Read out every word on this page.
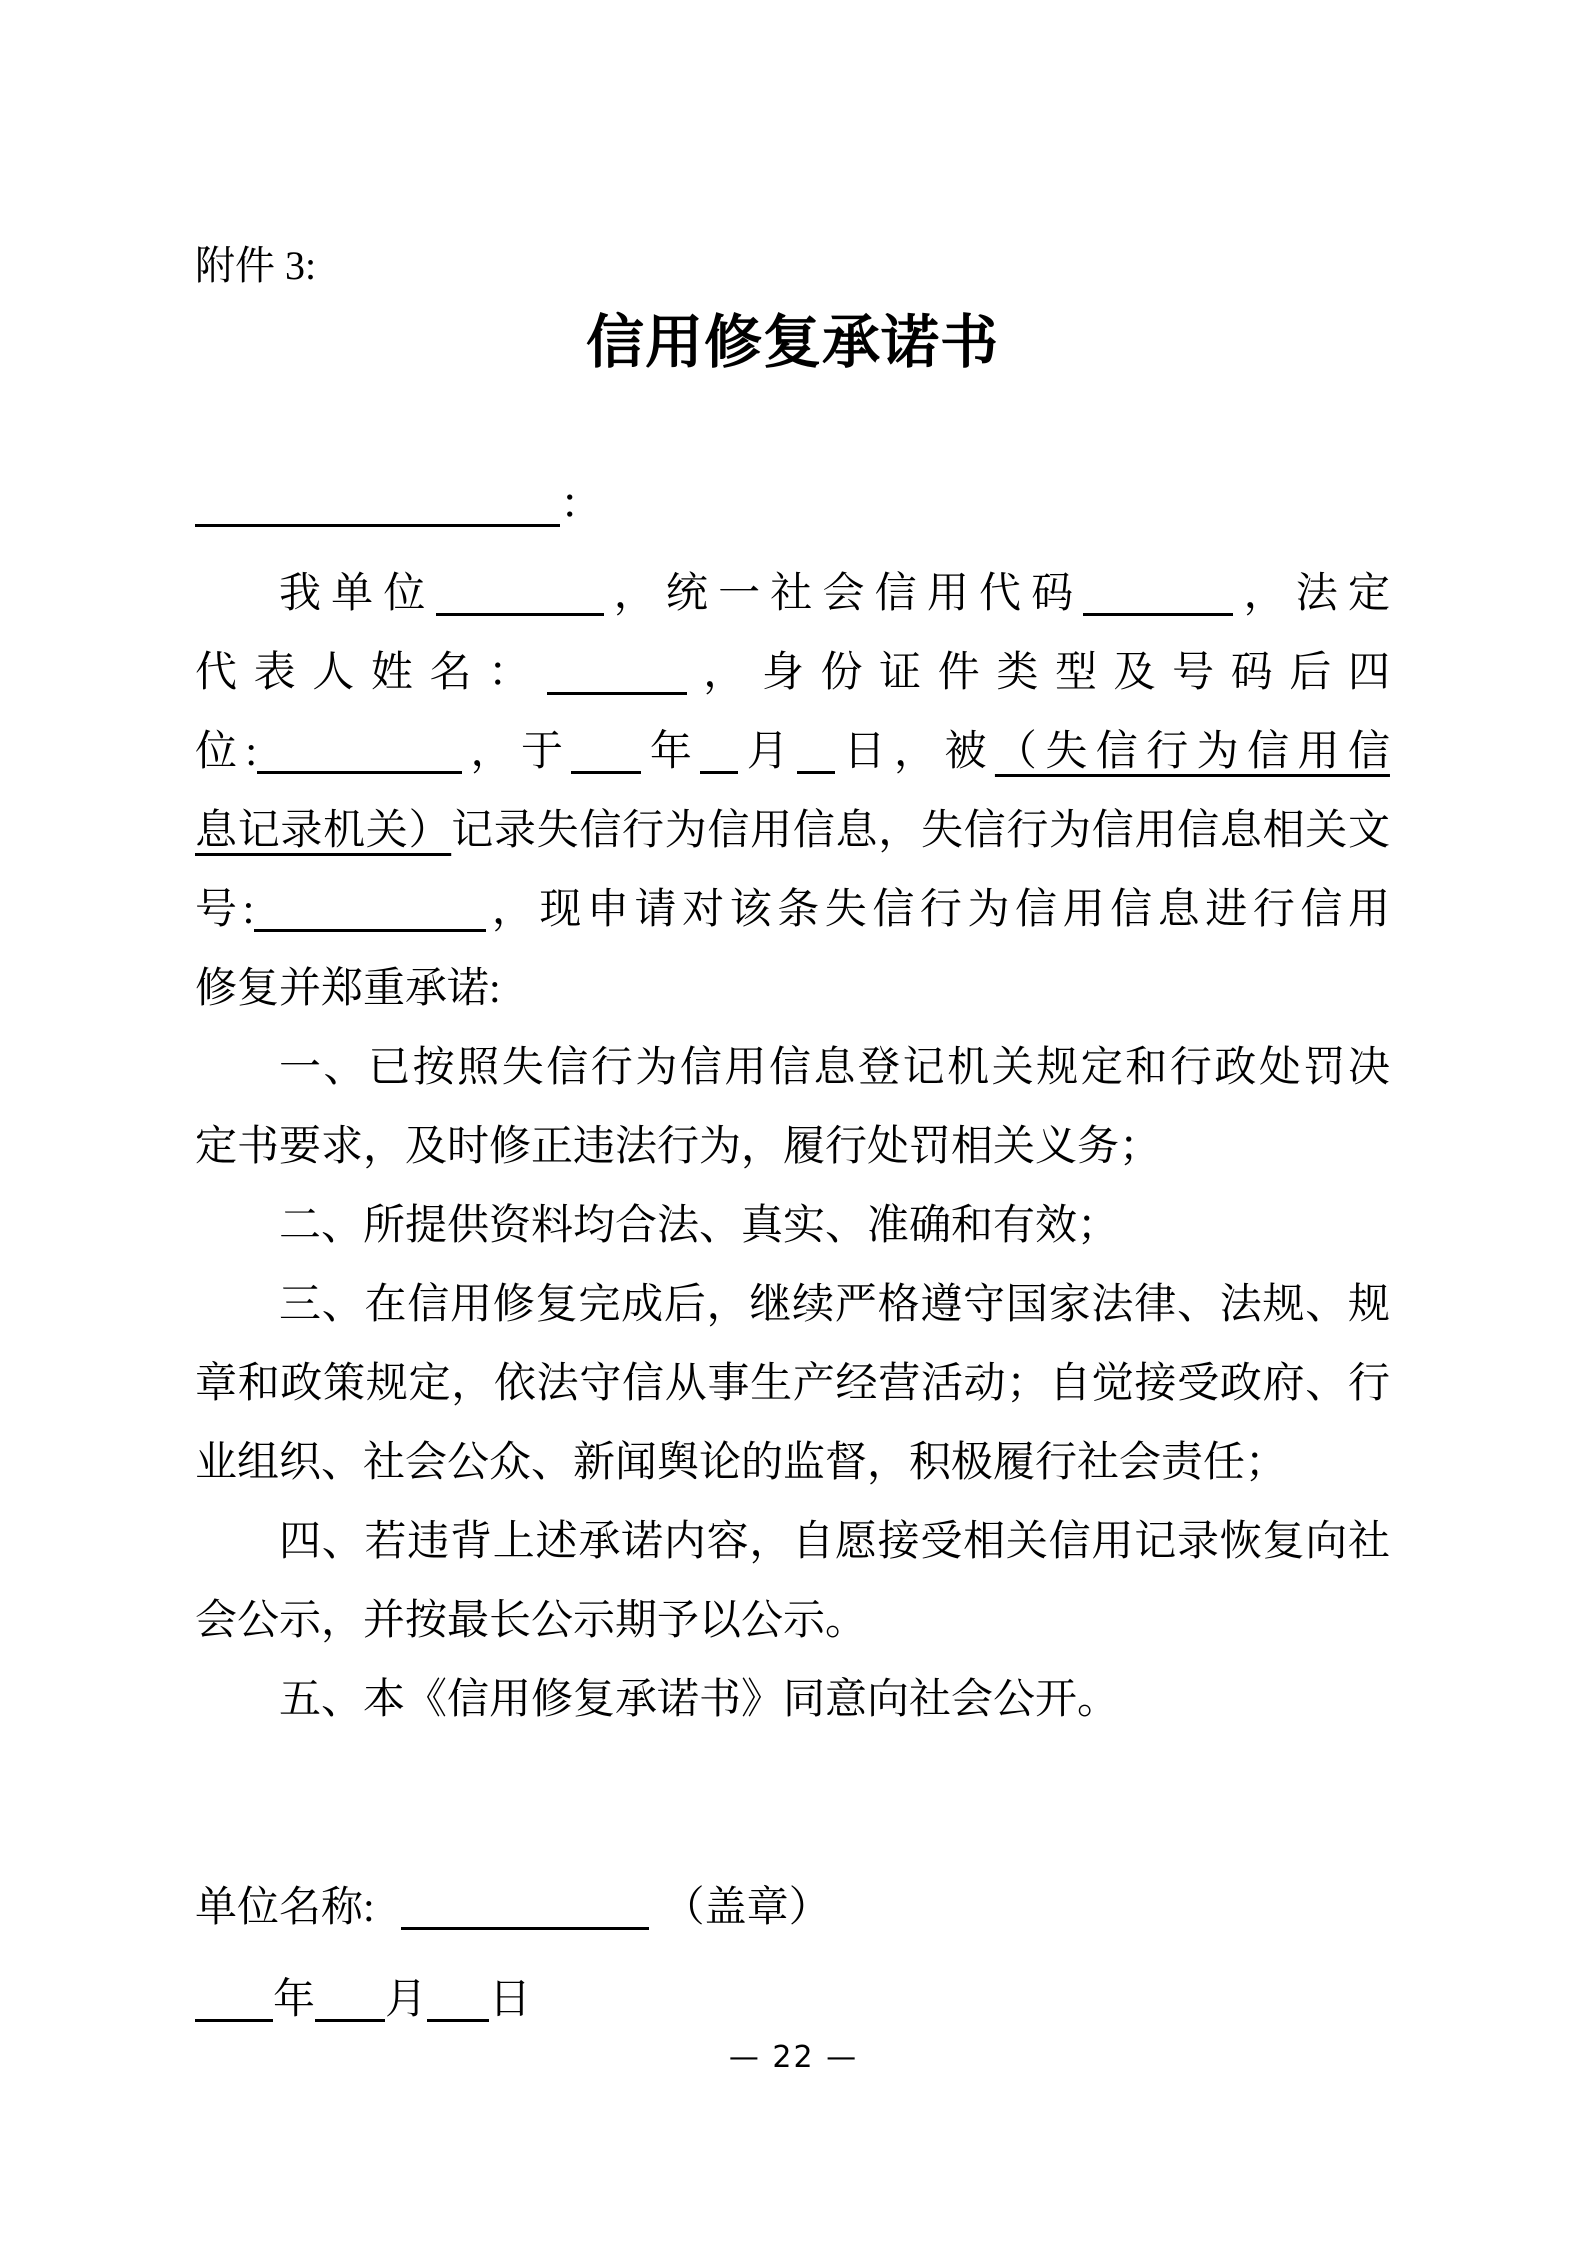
附件 3:
信用修复承诺书
：
我单位	，统一社会信用代码	，法定
代表人姓名：	，身份证件类型及号码后四
位:	，于 年 月 日，被（失信行为信用信
息记录机关）记录失信行为信用信息，失信行为信用信息相关文
号:	，现申请对该条失信行为信用信息进行信用
修复并郑重承诺:
一、已按照失信行为信用信息登记机关规定和行政处罚决
定书要求，及时修正违法行为，履行处罚相关义务；
二、所提供资料均合法、真实、准确和有效；
三、在信用修复完成后，继续严格遵守国家法律、法规、规
章和政策规定，依法守信从事生产经营活动；自觉接受政府、行
业组织、社会公众、新闻舆论的监督，积极履行社会责任；
四、若违背上述承诺内容，自愿接受相关信用记录恢复向社
会公示，并按最长公示期予以公示。
五、本《信用修复承诺书》同意向社会公开。
单位名称:	（盖章）
年 月 日
— 22 —
